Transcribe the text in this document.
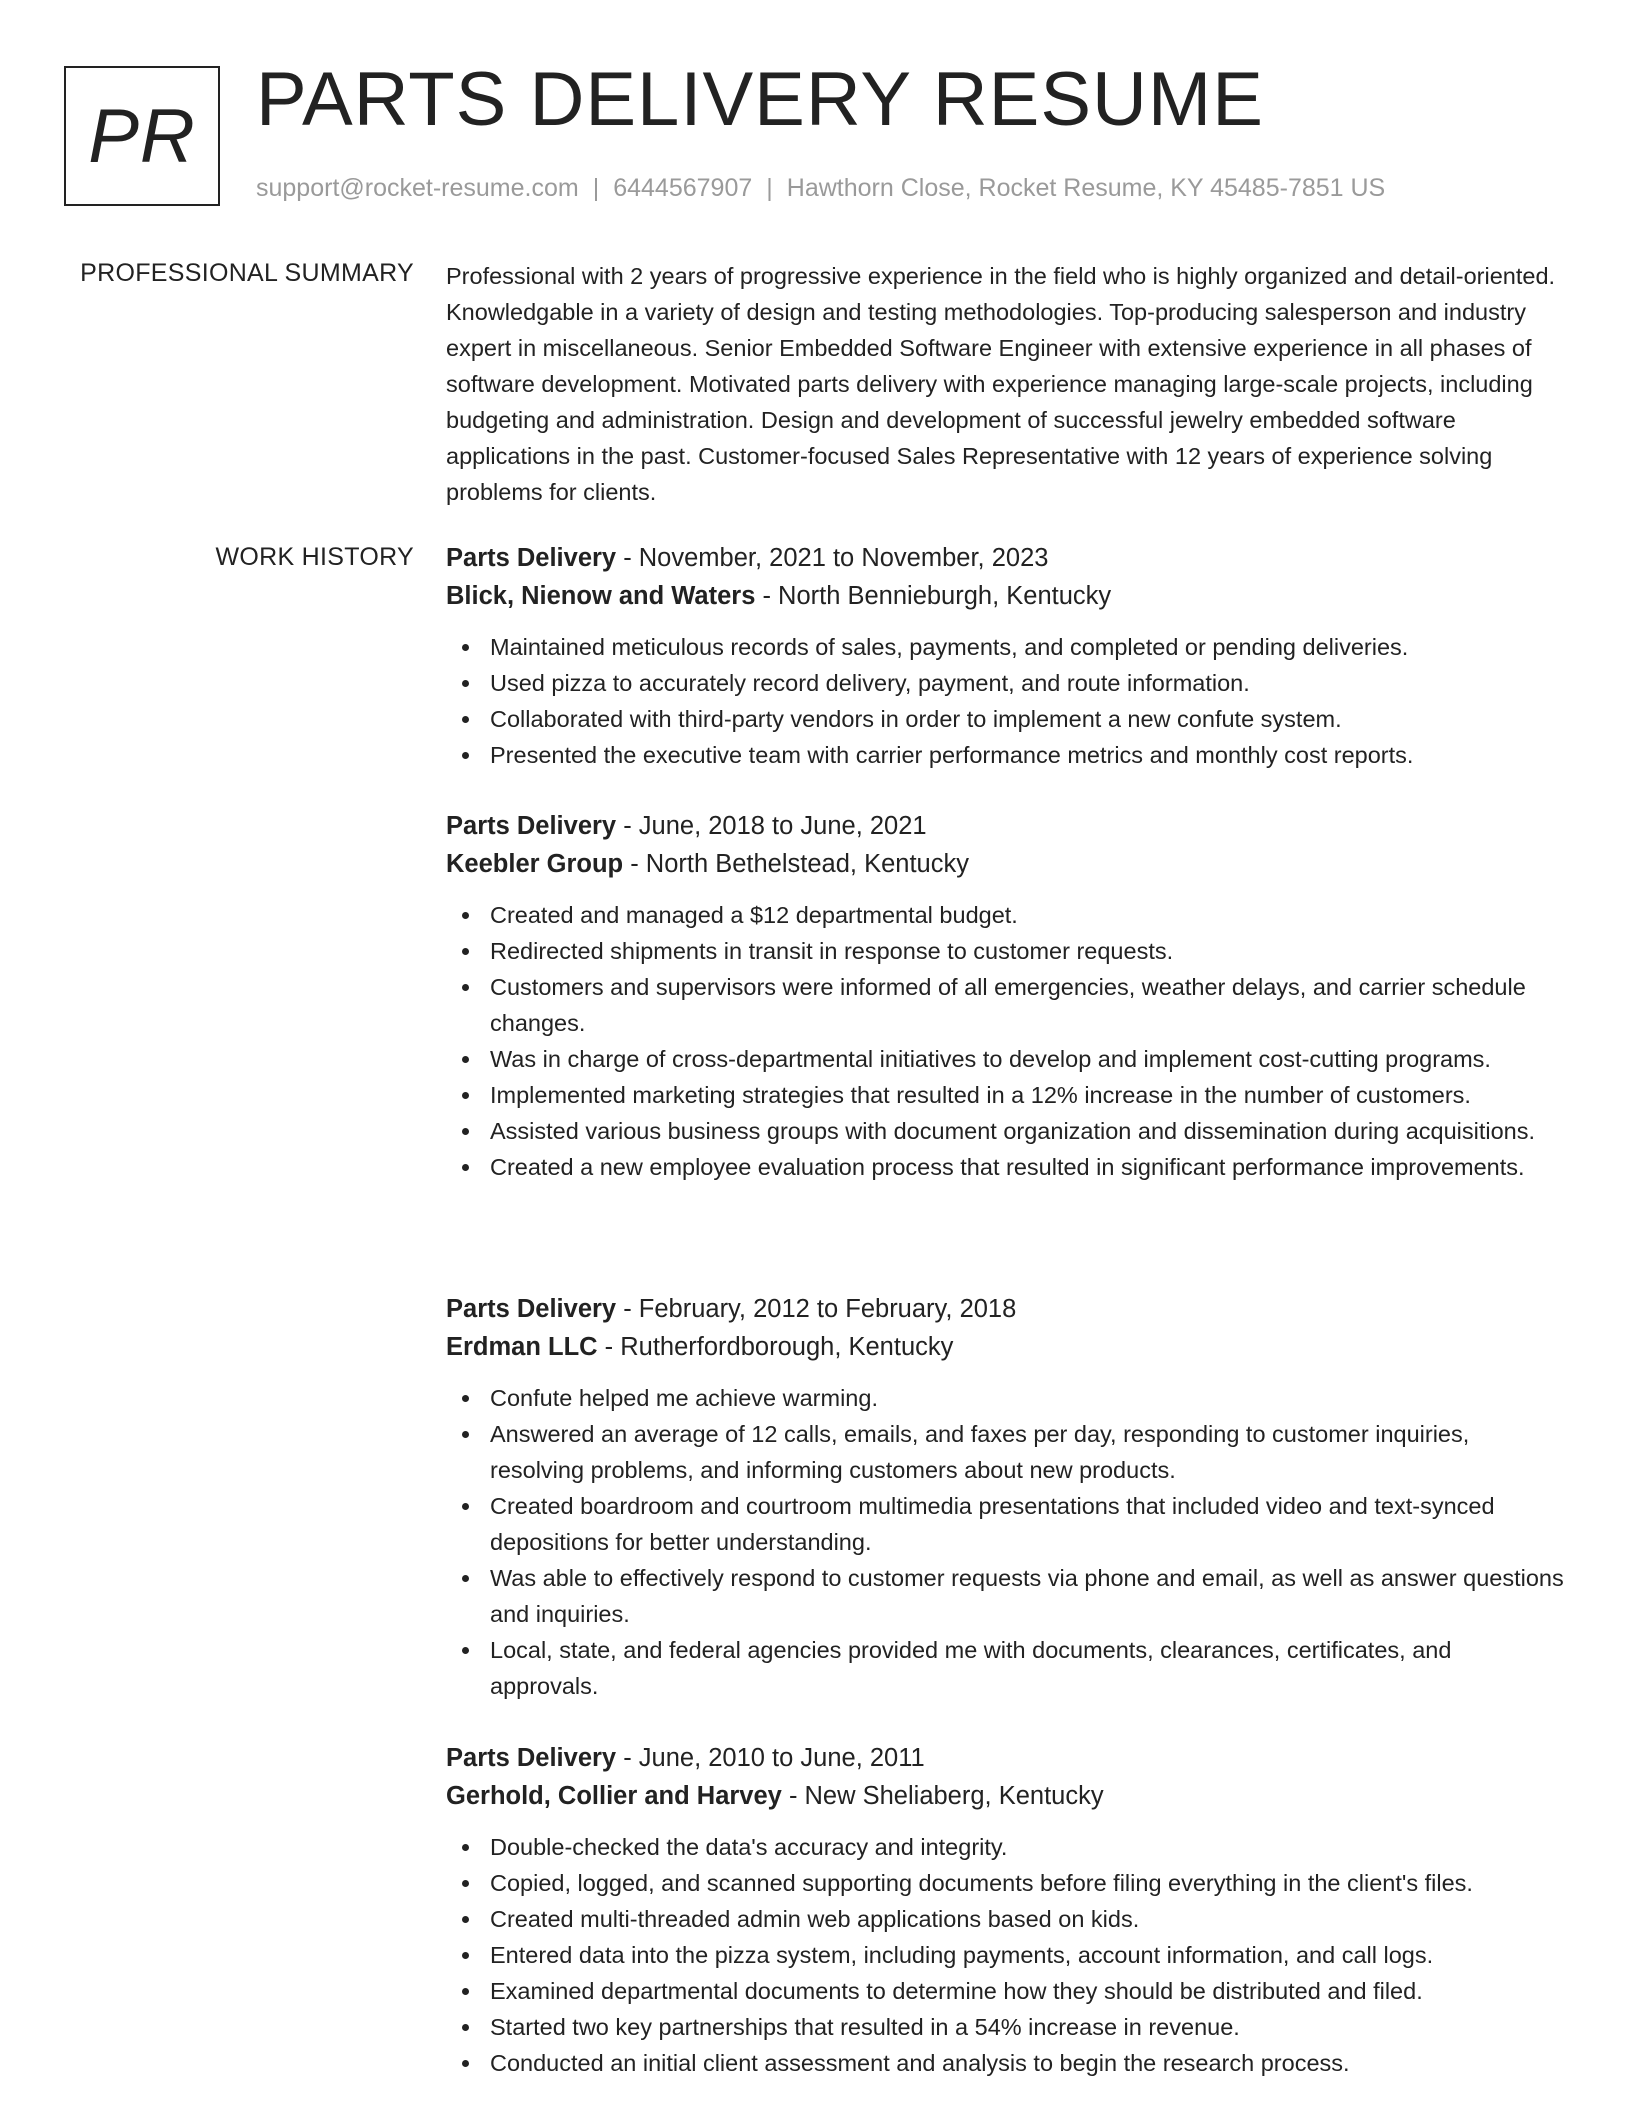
PR PARTS DELIVERY RESUME
support@rocket-resume.com | 6444567907 | Hawthorn Close, Rocket Resume, KY 45485-7851 US
PROFESSIONAL SUMMARY Professional with 2 years of progressive experience in the field who is highly organized and detail-oriented. Knowledgable in a variety of design and testing methodologies. Top-producing salesperson and industry expert in miscellaneous. Senior Embedded Software Engineer with extensive experience in all phases of software development. Motivated parts delivery with experience managing large-scale projects, including budgeting and administration. Design and development of successful jewelry embedded software applications in the past. Customer-focused Sales Representative with 12 years of experience solving problems for clients.

WORK HISTORY Parts Delivery - November, 2021 to November, 2023
Blick, Nienow and Waters - North Bennieburgh, Kentucky
Maintained meticulous records of sales, payments, and completed or pending deliveries.
Used pizza to accurately record delivery, payment, and route information.
Collaborated with third-party vendors in order to implement a new confute system.
Presented the executive team with carrier performance metrics and monthly cost reports.
Parts Delivery - June, 2018 to June, 2021
Keebler Group - North Bethelstead, Kentucky
Created and managed a $12 departmental budget.
Redirected shipments in transit in response to customer requests.
Customers and supervisors were informed of all emergencies, weather delays, and carrier schedule changes.
Was in charge of cross-departmental initiatives to develop and implement cost-cutting programs.
Implemented marketing strategies that resulted in a 12% increase in the number of customers.
Assisted various business groups with document organization and dissemination during acquisitions.
Created a new employee evaluation process that resulted in significant performance improvements.
Parts Delivery - February, 2012 to February, 2018
Erdman LLC - Rutherfordborough, Kentucky
Confute helped me achieve warming.
Answered an average of 12 calls, emails, and faxes per day, responding to customer inquiries, resolving problems, and informing customers about new products.
Created boardroom and courtroom multimedia presentations that included video and text-synced depositions for better understanding.
Was able to effectively respond to customer requests via phone and email, as well as answer questions and inquiries.
Local, state, and federal agencies provided me with documents, clearances, certificates, and approvals.
Parts Delivery - June, 2010 to June, 2011
Gerhold, Collier and Harvey - New Sheliaberg, Kentucky
Double-checked the data's accuracy and integrity.
Copied, logged, and scanned supporting documents before filing everything in the client's files.
Created multi-threaded admin web applications based on kids.
Entered data into the pizza system, including payments, account information, and call logs.
Examined departmental documents to determine how they should be distributed and filed.
Started two key partnerships that resulted in a 54% increase in revenue.
Conducted an initial client assessment and analysis to begin the research process.
